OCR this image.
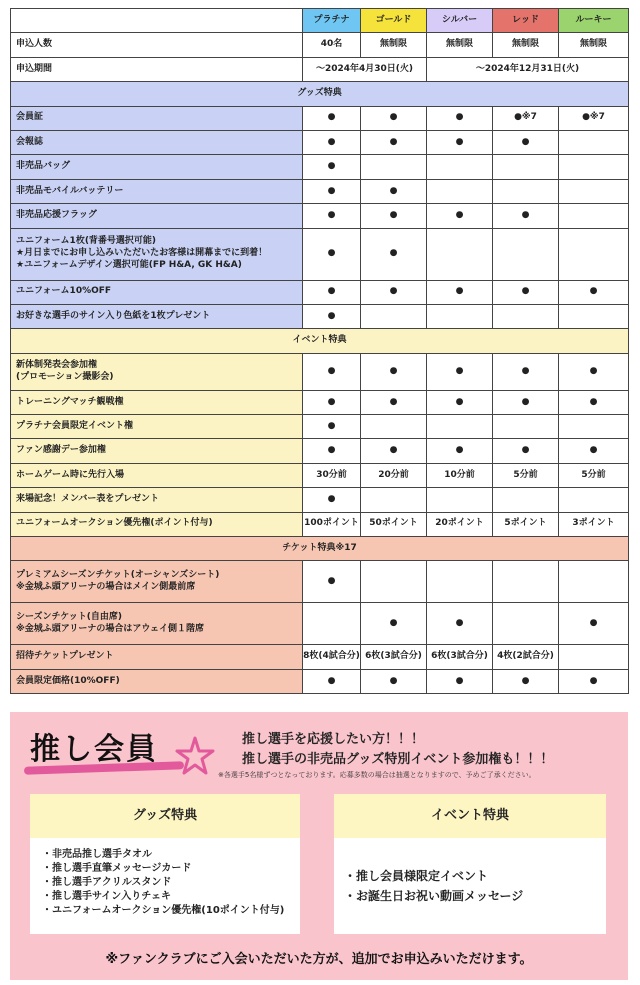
	プラチナ	ゴールド	シルバー	レッド	ルーキー
申込人数	40名	無制限	無制限	無制限	無制限
申込期間	～2024年4月30日(火)		～2024年12月31日(火)		
グッズ特典					
会員証	●	●	●	●※7	●※7
会報誌	●	●	●	●	
非売品バッグ	●				
非売品モバイルバッテリー	●	●			
非売品応援フラッグ	●	●	●	●	

ユニフォーム1枚(背番号選択可能)
★月日までにお申し込みいただいたお客様は開幕までに到着！
★ユニフォームデザイン選択可能(FP H&A, GK H&A)	●	●			
ユニフォーム10%OFF	●	●	●	●	●
お好きな選手のサイン入り色紙を1枚プレゼント	●				
イベント特典					

新体制発表会参加権
(プロモーション撮影会)	●	●	●	●	●
トレーニングマッチ観戦権	●	●	●	●	●
プラチナ会員限定イベント権	●				
ファン感謝デー参加権	●	●	●	●	●
ホームゲーム時に先行入場	30分前	20分前	10分前	5分前	5分前
来場記念！メンバー表をプレゼント	●				
ユニフォームオークション優先権(ポイント付与)	100ポイント	50ポイント	20ポイント	5ポイント	3ポイント
チケット特典※17					

プレミアムシーズンチケット(オーシャンズシート)
※金城ふ頭アリーナの場合はメイン側最前席	●				

シーズンチケット(自由席)
※金城ふ頭アリーナの場合はアウェイ側１階席		●	●		●
招待チケットプレゼント	8枚(4試合分)	6枚(3試合分)	6枚(3試合分)	4枚(2試合分)	
会員限定価格(10%OFF)	●	●	●	●	●
推し会員	推し選手を応援したい方！！！
推し選手の非売品グッズ特別イベント参加権も！！！
※各選手5名様ずつとなっております。応募多数の場合は抽選となりますので、予めご了承ください。
グッズ特典
・非売品推し選手タオル
・推し選手直筆メッセージカード
・推し選手アクリルスタンド
・推し選手サイン入りチェキ
・ユニフォームオークション優先権(10ポイント付与)
イベント特典
・推し会員様限定イベント
・お誕生日お祝い動画メッセージ
※ファンクラブにご入会いただいた方が、追加でお申込みいただけます。
